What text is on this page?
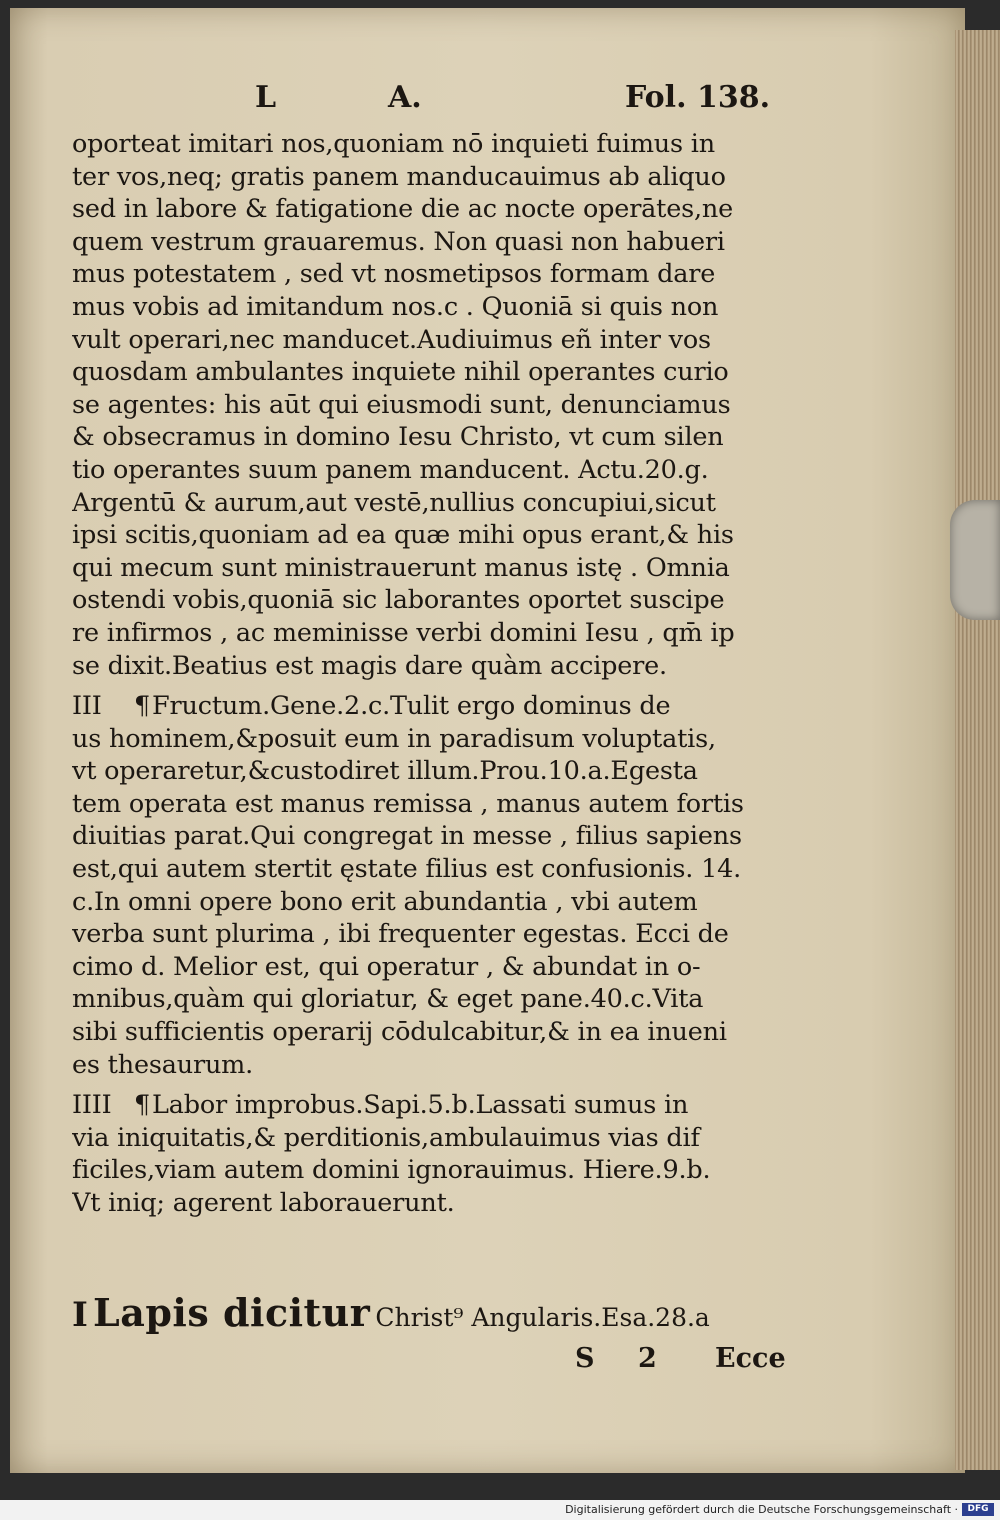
L	A.	Fol. 138.
oporteat imitari nos,quoniam nō inquieti fuimus in
ter vos,neq; gratis panem manducauimus ab aliquo
sed in labore & fatigatione die ac nocte operātes,ne
quem vestrum grauaremus. Non quasi non habueri
mus potestatem , sed vt nosmetipsos formam dare
mus vobis ad imitandum nos.c . Quoniā si quis non
vult operari,nec manducet.Audiuimus eñ inter vos
quosdam ambulantes inquiete nihil operantes curio
se agentes: his aūt qui eiusmodi sunt, denunciamus
& obsecramus in domino Iesu Christo, vt cum silen
tio operantes suum panem manducent. Actu.20.g.
Argentū & aurum,aut vestē,nullius concupiui,sicut
ipsi scitis,quoniam ad ea quæ mihi opus erant,& his
qui mecum sunt ministrauerunt manus istę . Omnia
ostendi vobis,quoniā sic laborantes oportet suscipe
re infirmos , ac meminisse verbi domini Iesu , qm̄ ip
se dixit.Beatius est magis dare quàm accipere.
III ¶Fructum.Gene.2.c.Tulit ergo dominus de
us hominem,&posuit eum in paradisum voluptatis,
vt operaretur,&custodiret illum.Prou.10.a.Egesta
tem operata est manus remissa , manus autem fortis
diuitias parat.Qui congregat in messe , filius sapiens
est,qui autem stertit ęstate filius est confusionis. 14.
c.In omni opere bono erit abundantia , vbi autem
verba sunt plurima , ibi frequenter egestas. Ecci de
cimo d. Melior est, qui operatur , & abundat in o-
mnibus,quàm qui gloriatur, & eget pane.40.c.Vita
sibi sufficientis operarij cōdulcabitur,& in ea inueni
es thesaurum.
IIII ¶Labor improbus.Sapi.5.b.Lassati sumus in
via iniquitatis,& perditionis,ambulauimus vias dif
ficiles,viam autem domini ignorauimus. Hiere.9.b.
Vt iniq; agerent laborauerunt.
I Lapis dicitur Christ⁹ Angularis.Esa.28.a
S 2 Ecce
Digitalisierung gefördert durch die Deutsche Forschungsgemeinschaft ·	DFG
